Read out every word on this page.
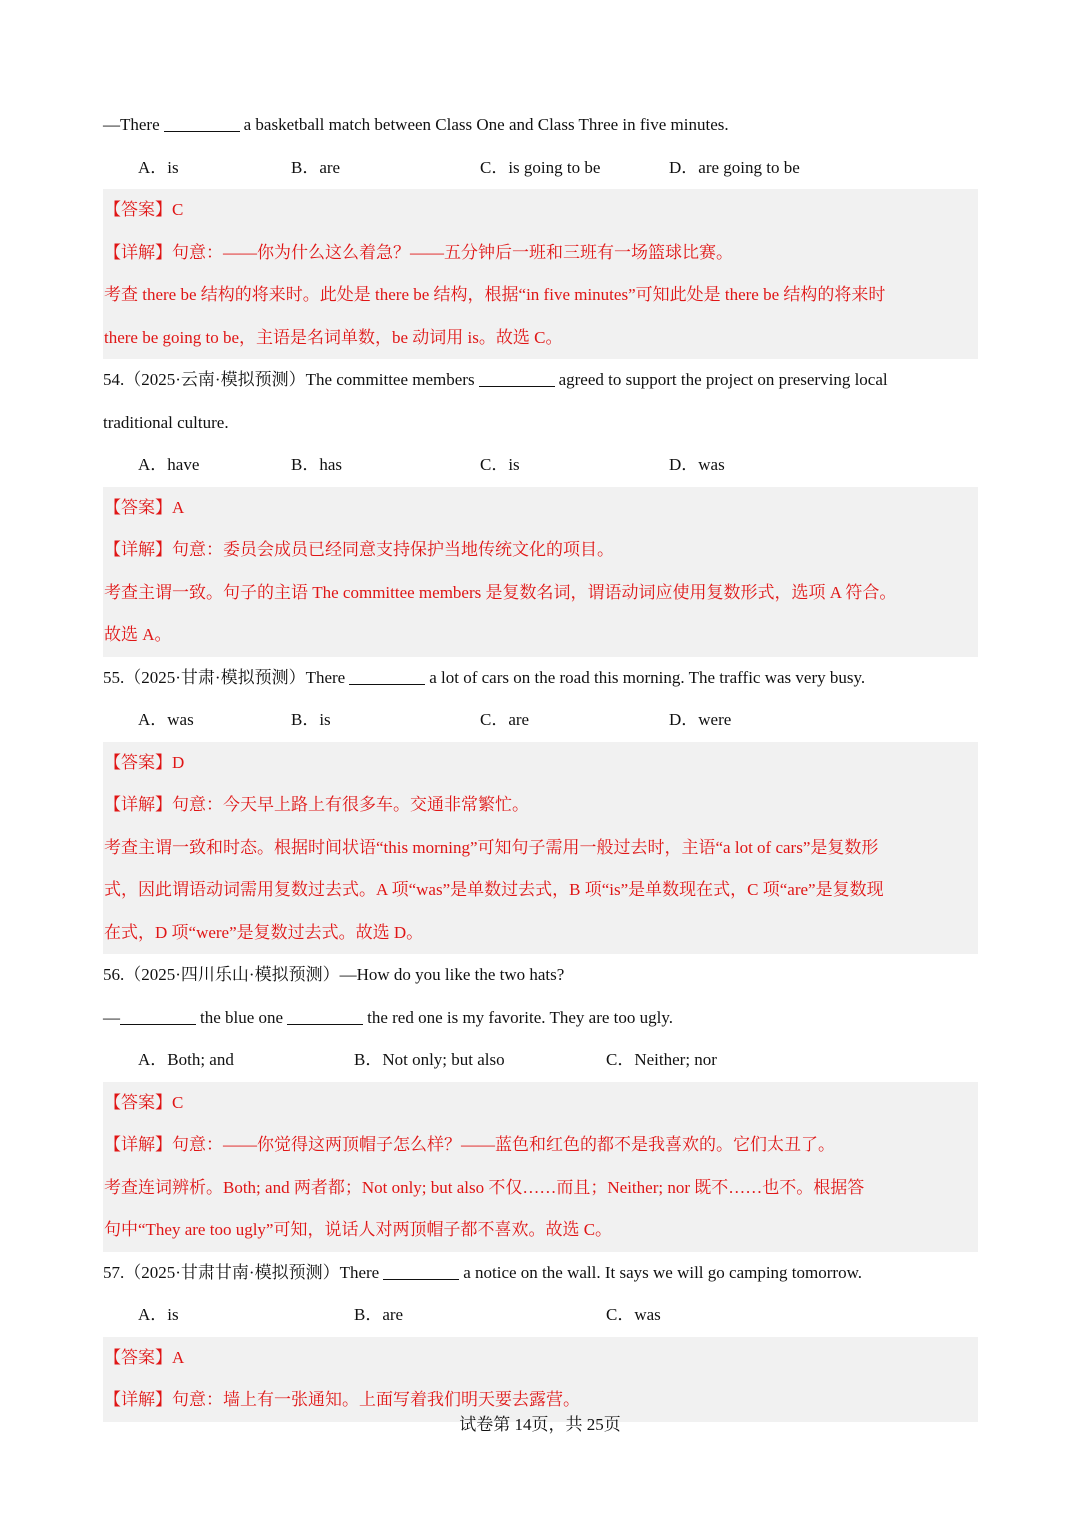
—There	a basketball match between Class One and Class Three in five minutes.
A．is	B．are	C．is going to be	D．are going to be
【答案】C
【详解】句意：——你为什么这么着急？——五分钟后一班和三班有一场篮球比赛。
考查 there be 结构的将来时。此处是 there be 结构，根据“in five minutes”可知此处是 there be 结构的将来时
there be going to be，主语是名词单数，be 动词用 is。故选 C。
54.（2025·云南·模拟预测）The committee members	agreed to support the project on preserving local
traditional culture.
A．have	B．has	C．is	D．was
【答案】A
【详解】句意：委员会成员已经同意支持保护当地传统文化的项目。
考查主谓一致。句子的主语 The committee members 是复数名词，谓语动词应使用复数形式，选项 A 符合。
故选 A。
55.（2025·甘肃·模拟预测）There	a lot of cars on the road this morning. The traffic was very busy.
A．was	B．is	C．are	D．were
【答案】D
【详解】句意：今天早上路上有很多车。交通非常繁忙。
考查主谓一致和时态。根据时间状语“this morning”可知句子需用一般过去时，主语“a lot of cars”是复数形
式，因此谓语动词需用复数过去式。A 项“was”是单数过去式，B 项“is”是单数现在式，C 项“are”是复数现
在式，D 项“were”是复数过去式。故选 D。
56.（2025·四川乐山·模拟预测）—How do you like the two hats?
—	the blue one	the red one is my favorite. They are too ugly.
A．Both; and	B．Not only; but also	C．Neither; nor
【答案】C
【详解】句意：——你觉得这两顶帽子怎么样？——蓝色和红色的都不是我喜欢的。它们太丑了。
考查连词辨析。Both; and 两者都；Not only; but also 不仅……而且；Neither; nor 既不……也不。根据答
句中“They are too ugly”可知，说话人对两顶帽子都不喜欢。故选 C。
57.（2025·甘肃甘南·模拟预测）There	a notice on the wall. It says we will go camping tomorrow.
A．is	B．are	C．was
【答案】A
【详解】句意：墙上有一张通知。上面写着我们明天要去露营。
试卷第 14页，共 25页
